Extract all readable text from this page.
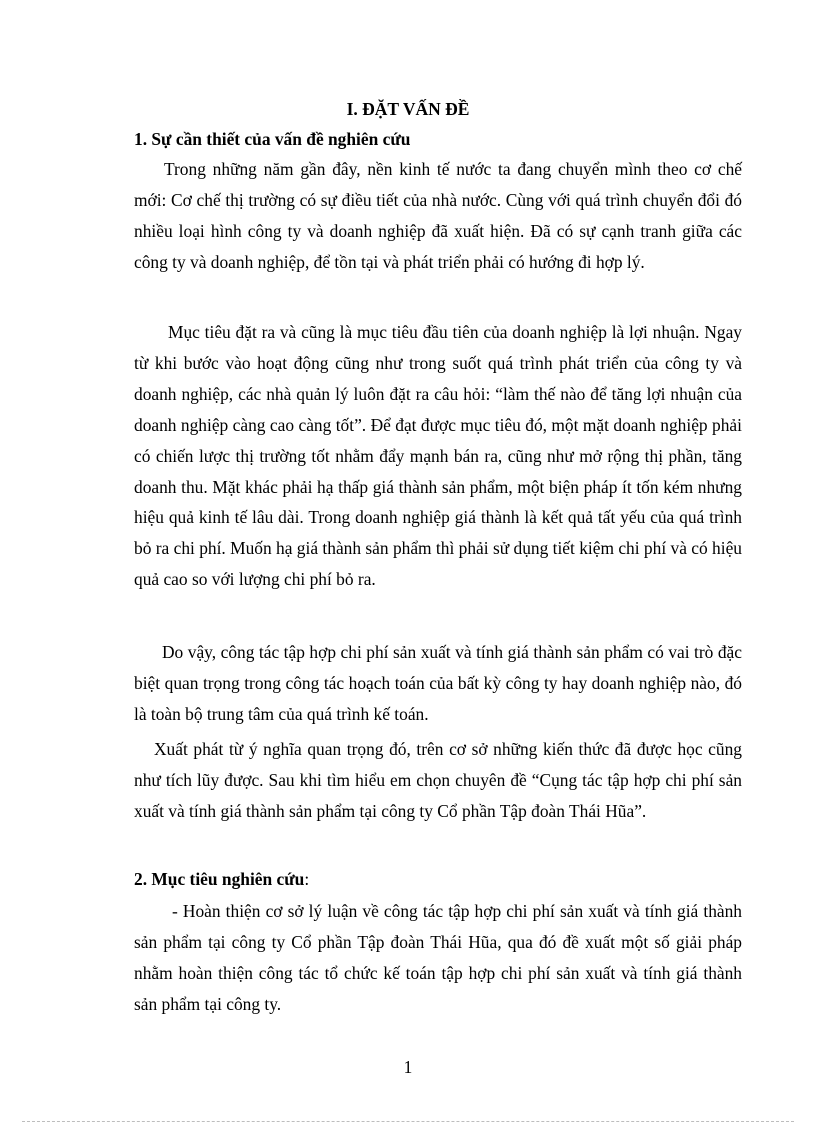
I. ĐẶT VẤN ĐỀ
1. Sự cần thiết của vấn đề nghiên cứu

Trong những năm gần đây, nền kinh tế nước ta đang chuyển mình theo cơ chế mới: Cơ chế thị trường có sự điều tiết của nhà nước. Cùng với quá trình chuyển đổi đó nhiều loại hình công ty và doanh nghiệp đã xuất hiện. Đã có sự cạnh tranh giữa các công ty và doanh nghiệp, để tồn tại và phát triển phải có hướng đi hợp lý.

Mục tiêu đặt ra và cũng là mục tiêu đầu tiên của doanh nghiệp là lợi nhuận. Ngay từ khi bước vào hoạt động cũng như trong suốt quá trình phát triển của công ty và doanh nghiệp, các nhà quản lý luôn đặt ra câu hỏi: “làm thế nào để tăng lợi nhuận của doanh nghiệp càng cao càng tốt”. Để đạt được mục tiêu đó, một mặt doanh nghiệp phải có chiến lược thị trường tốt nhằm đẩy mạnh bán ra, cũng như mở rộng thị phần, tăng doanh thu. Mặt khác phải hạ thấp giá thành sản phẩm, một biện pháp ít tốn kém nhưng hiệu quả kinh tế lâu dài. Trong doanh nghiệp giá thành là kết quả tất yếu của quá trình bỏ ra chi phí. Muốn hạ giá thành sản phẩm thì phải sử dụng tiết kiệm chi phí và có hiệu quả cao so với lượng chi phí bỏ ra.

Do vậy, công tác tập hợp chi phí sản xuất và tính giá thành sản phẩm có vai trò đặc biệt quan trọng trong công tác hoạch toán của bất kỳ công ty hay doanh nghiệp nào, đó là toàn bộ trung tâm của quá trình kế toán.

Xuất phát từ ý nghĩa quan trọng đó, trên cơ sở những kiến thức đã được học cũng như tích lũy được. Sau khi tìm hiểu em chọn chuyên đề “Cụng tác tập hợp chi phí sản xuất và tính giá thành sản phẩm tại công ty Cổ phần Tập đoàn Thái Hũa”.

2. Mục tiêu nghiên cứu:

- Hoàn thiện cơ sở lý luận về công tác tập hợp chi phí sản xuất và tính giá thành sản phẩm tại công ty Cổ phần Tập đoàn Thái Hũa, qua đó đề xuất một số giải pháp nhằm hoàn thiện công tác tổ chức kế toán tập hợp chi phí sản xuất và tính giá thành sản phẩm tại công ty.

1
